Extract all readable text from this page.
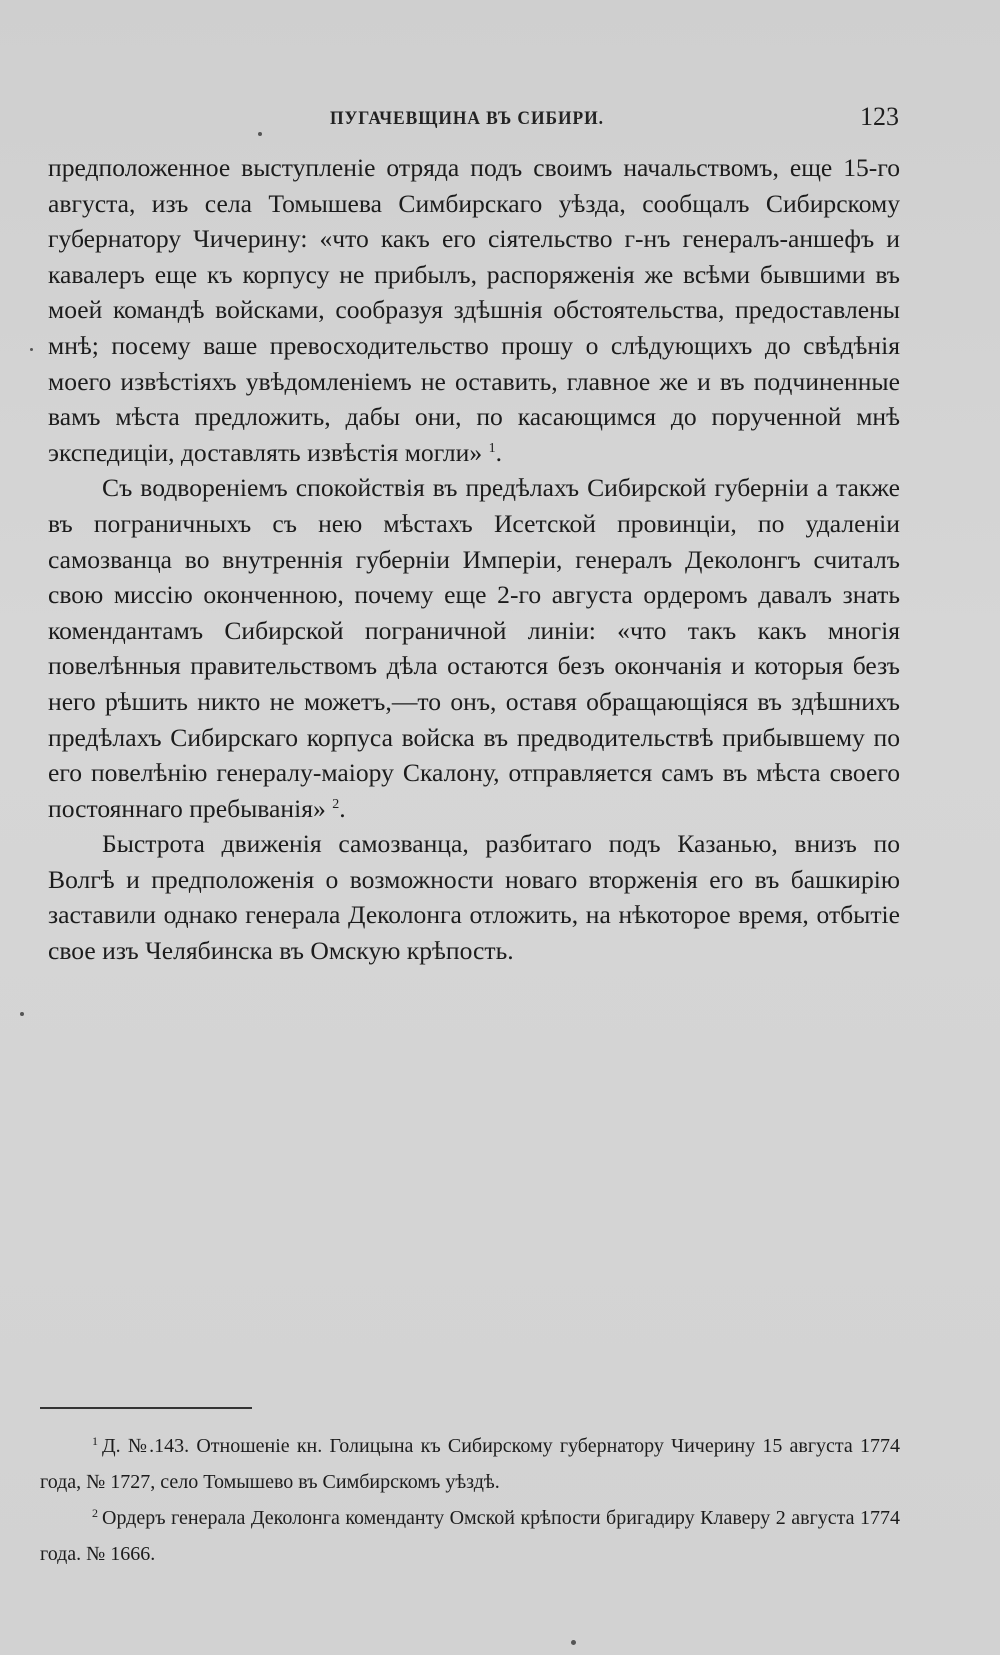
ПУГАЧЕВЩИНА ВЪ СИБИРИ.	123

предположенное выступленіе отряда подъ своимъ начальствомъ, еще 15-го августа, изъ села Томышева Симбирскаго уѣзда, сообщалъ Сибирскому губернатору Чичерину: «что какъ его сіятельство г-нъ генералъ-аншефъ и кавалеръ еще къ корпусу не прибылъ, распоряженія же всѣми бывшими въ моей командѣ войсками, сообразуя здѣшнія обстоятельства, предоставлены мнѣ; посему ваше превосходительство прошу о слѣдующихъ до свѣдѣнія моего извѣстіяхъ увѣдомленіемъ не оставить, главное же и въ подчиненные вамъ мѣста предложить, дабы они, по касающимся до порученной мнѣ экспедиціи, доставлять извѣстія могли» $^1$.

Съ водвореніемъ спокойствія въ предѣлахъ Сибирской губерніи а также въ пограничныхъ съ нею мѣстахъ Исетской провинціи, по удаленіи самозванца во внутреннія губерніи Имперіи, генералъ Деколонгъ считалъ свою миссію оконченною, почему еще 2-го августа ордеромъ давалъ знать комендантамъ Сибирской пограничной линіи: «что такъ какъ многія повелѣнныя правительствомъ дѣла остаются безъ окончанія и которыя безъ него рѣшить никто не можетъ,—то онъ, оставя обращающіяся въ здѣшнихъ предѣлахъ Сибирскаго корпуса войска въ предводительствѣ прибывшему по его повелѣнію генералу-маіору Скалону, отправляется самъ въ мѣста своего постояннаго пребыванія» $^2$.

Быстрота движенія самозванца, разбитаго подъ Казанью, внизъ по Волгѣ и предположенія о возможности новаго вторженія его въ башкирію заставили однако генерала Деколонга отложить, на нѣкоторое время, отбытіе свое изъ Челябинска въ Омскую крѣпость.

$^1$ Д. №.143. Отношеніе кн. Голицына къ Сибирскому губернатору Чичерину 15 августа 1774 года, № 1727, село Томышево въ Симбирскомъ уѣздѣ.

$^2$ Ордеръ генерала Деколонга коменданту Омской крѣпости бригадиру Клаверу 2 августа 1774 года. № 1666.
